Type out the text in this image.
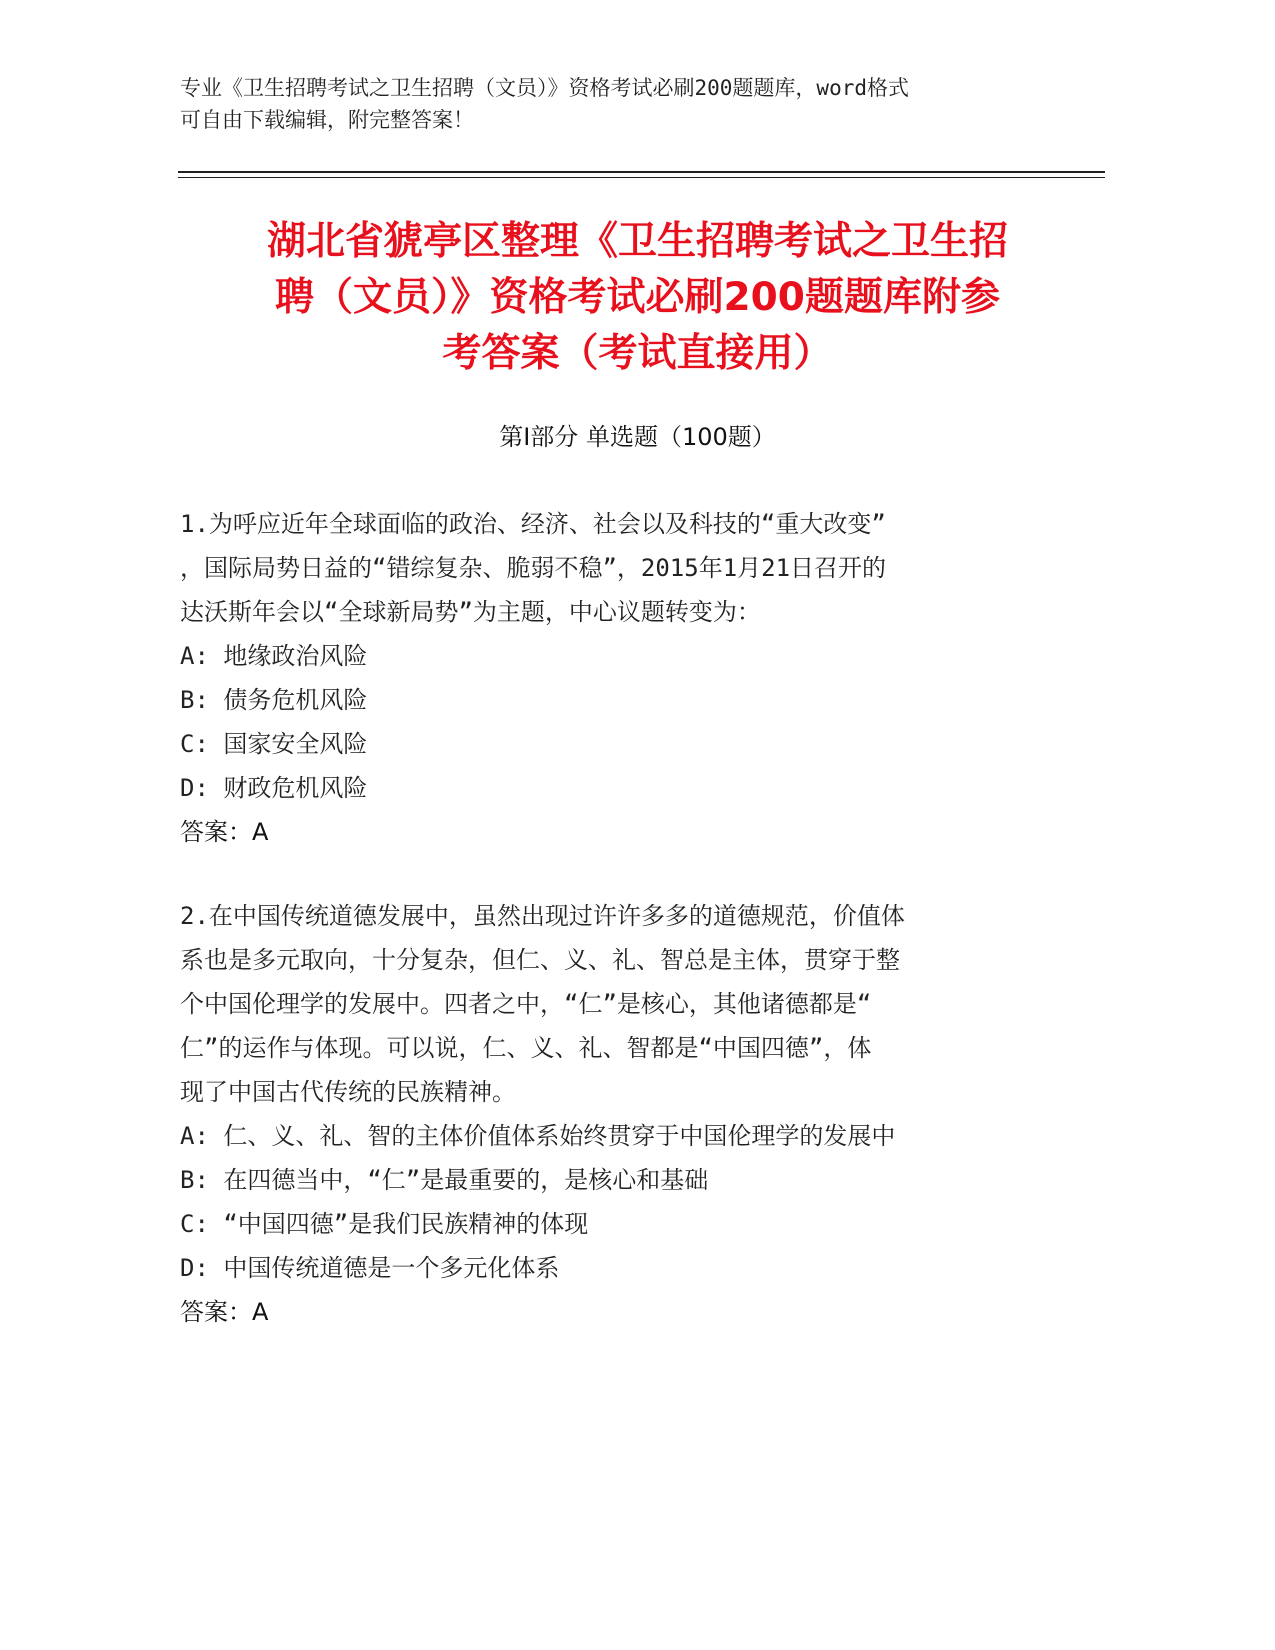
专业《卫生招聘考试之卫生招聘（文员）》资格考试必刷200题题库，word格式
可自由下载编辑，附完整答案！
湖北省猇亭区整理《卫生招聘考试之卫生招
聘（文员）》资格考试必刷200题题库附参
考答案（考试直接用）
第Ⅰ部分 单选题（100题）
1.为呼应近年全球面临的政治、经济、社会以及科技的“重大改变”
，国际局势日益的“错综复杂、脆弱不稳”，2015年1月21日召开的
达沃斯年会以“全球新局势”为主题，中心议题转变为：
A: 地缘政治风险
B: 债务危机风险
C: 国家安全风险
D: 财政危机风险
答案：A
2.在中国传统道德发展中，虽然出现过许许多多的道德规范，价值体
系也是多元取向，十分复杂，但仁、义、礼、智总是主体，贯穿于整
个中国伦理学的发展中。四者之中，“仁”是核心，其他诸德都是“
仁”的运作与体现。可以说，仁、义、礼、智都是“中国四德”，体
现了中国古代传统的民族精神。
A: 仁、义、礼、智的主体价值体系始终贯穿于中国伦理学的发展中
B: 在四德当中，“仁”是最重要的，是核心和基础
C: “中国四德”是我们民族精神的体现
D: 中国传统道德是一个多元化体系
答案：A
